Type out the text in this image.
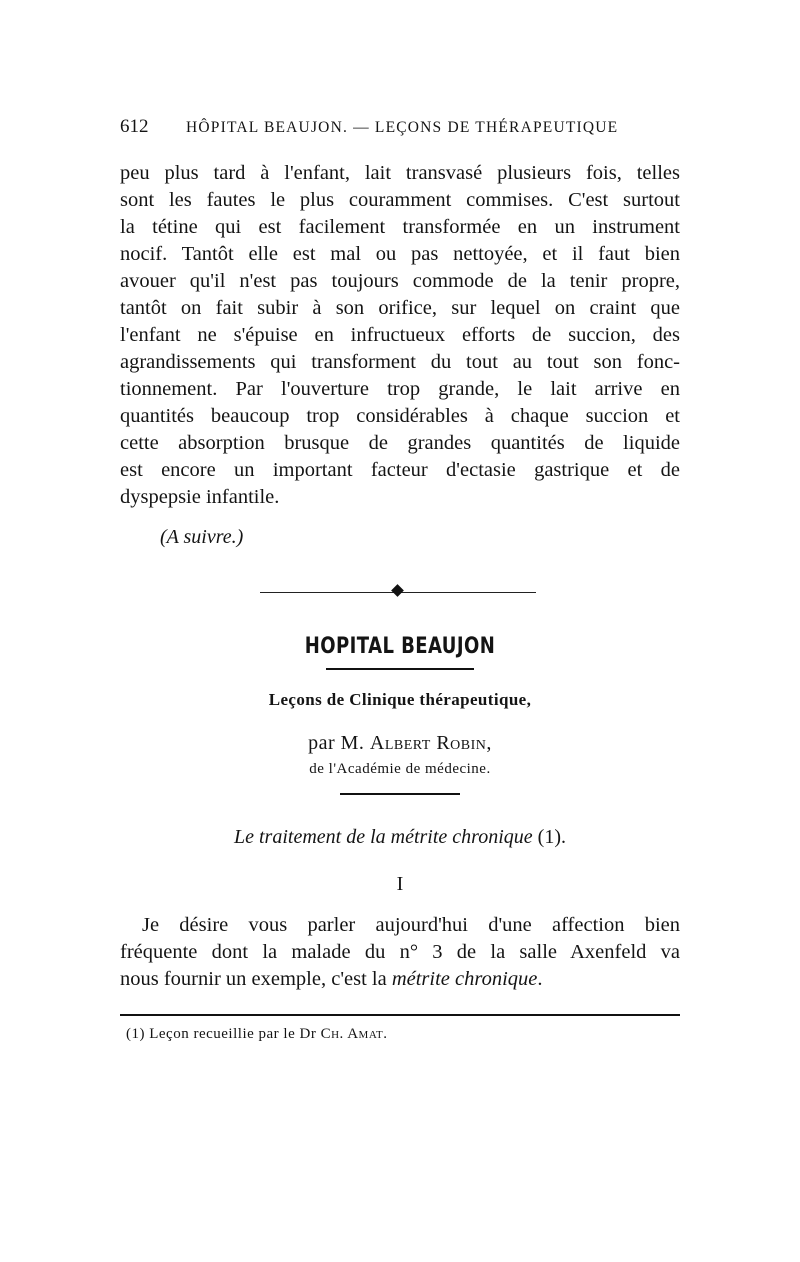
612 HÔPITAL BEAUJON. — LEÇONS DE THÉRAPEUTIQUE
peu plus tard à l'enfant, lait transvasé plusieurs fois, telles
sont les fautes le plus couramment commises. C'est surtout
la tétine qui est facilement transformée en un instrument
nocif. Tantôt elle est mal ou pas nettoyée, et il faut bien
avouer qu'il n'est pas toujours commode de la tenir propre,
tantôt on fait subir à son orifice, sur lequel on craint que
l'enfant ne s'épuise en infructueux efforts de succion, des
agrandissements qui transforment du tout au tout son fonc-
tionnement. Par l'ouverture trop grande, le lait arrive en
quantités beaucoup trop considérables à chaque succion et
cette absorption brusque de grandes quantités de liquide
est encore un important facteur d'ectasie gastrique et de
dyspepsie infantile.
(A suivre.)
HOPITAL BEAUJON
Leçons de Clinique thérapeutique,
par M. Albert Robin,
de l'Académie de médecine.
Le traitement de la métrite chronique (1).
I
Je désire vous parler aujourd'hui d'une affection bien
fréquente dont la malade du n° 3 de la salle Axenfeld va
nous fournir un exemple, c'est la métrite chronique.
(1) Leçon recueillie par le Dr Ch. Amat.
